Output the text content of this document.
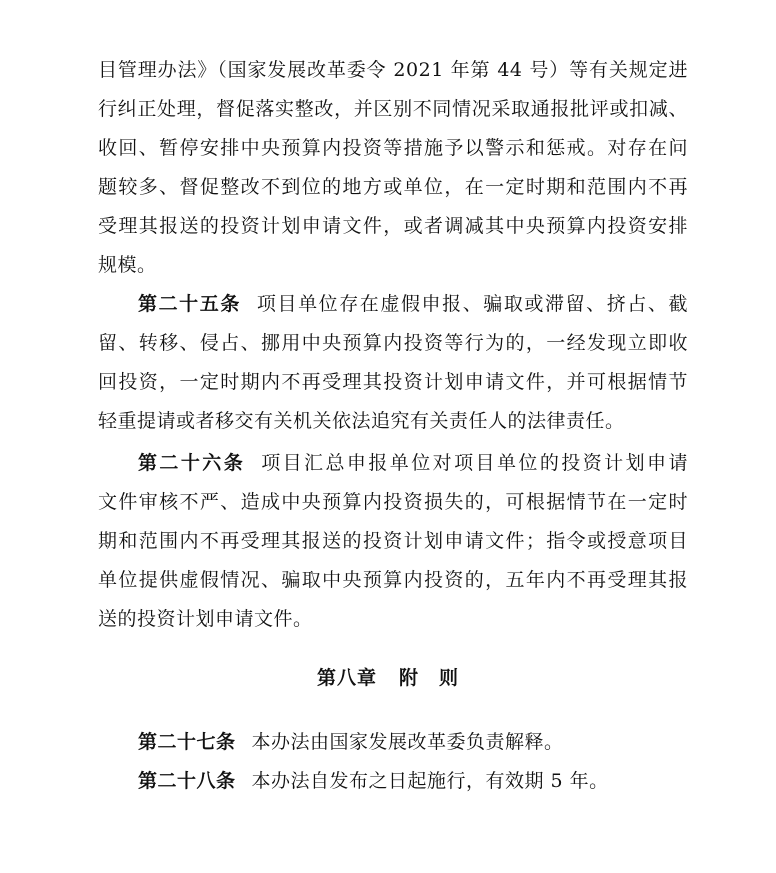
目管理办法》（国家发展改革委令 2021 年第 44 号）等有关规定进
行纠正处理，督促落实整改，并区别不同情况采取通报批评或扣减、
收回、暂停安排中央预算内投资等措施予以警示和惩戒。对存在问
题较多、督促整改不到位的地方或单位，在一定时期和范围内不再
受理其报送的投资计划申请文件，或者调减其中央预算内投资安排
规模。
第二十五条 项目单位存在虚假申报、骗取或滞留、挤占、截
留、转移、侵占、挪用中央预算内投资等行为的，一经发现立即收
回投资，一定时期内不再受理其投资计划申请文件，并可根据情节
轻重提请或者移交有关机关依法追究有关责任人的法律责任。
第二十六条 项目汇总申报单位对项目单位的投资计划申请
文件审核不严、造成中央预算内投资损失的，可根据情节在一定时
期和范围内不再受理其报送的投资计划申请文件；指令或授意项目
单位提供虚假情况、骗取中央预算内投资的，五年内不再受理其报
送的投资计划申请文件。
第八章 附　则
第二十七条 本办法由国家发展改革委负责解释。
第二十八条 本办法自发布之日起施行，有效期 5 年。
